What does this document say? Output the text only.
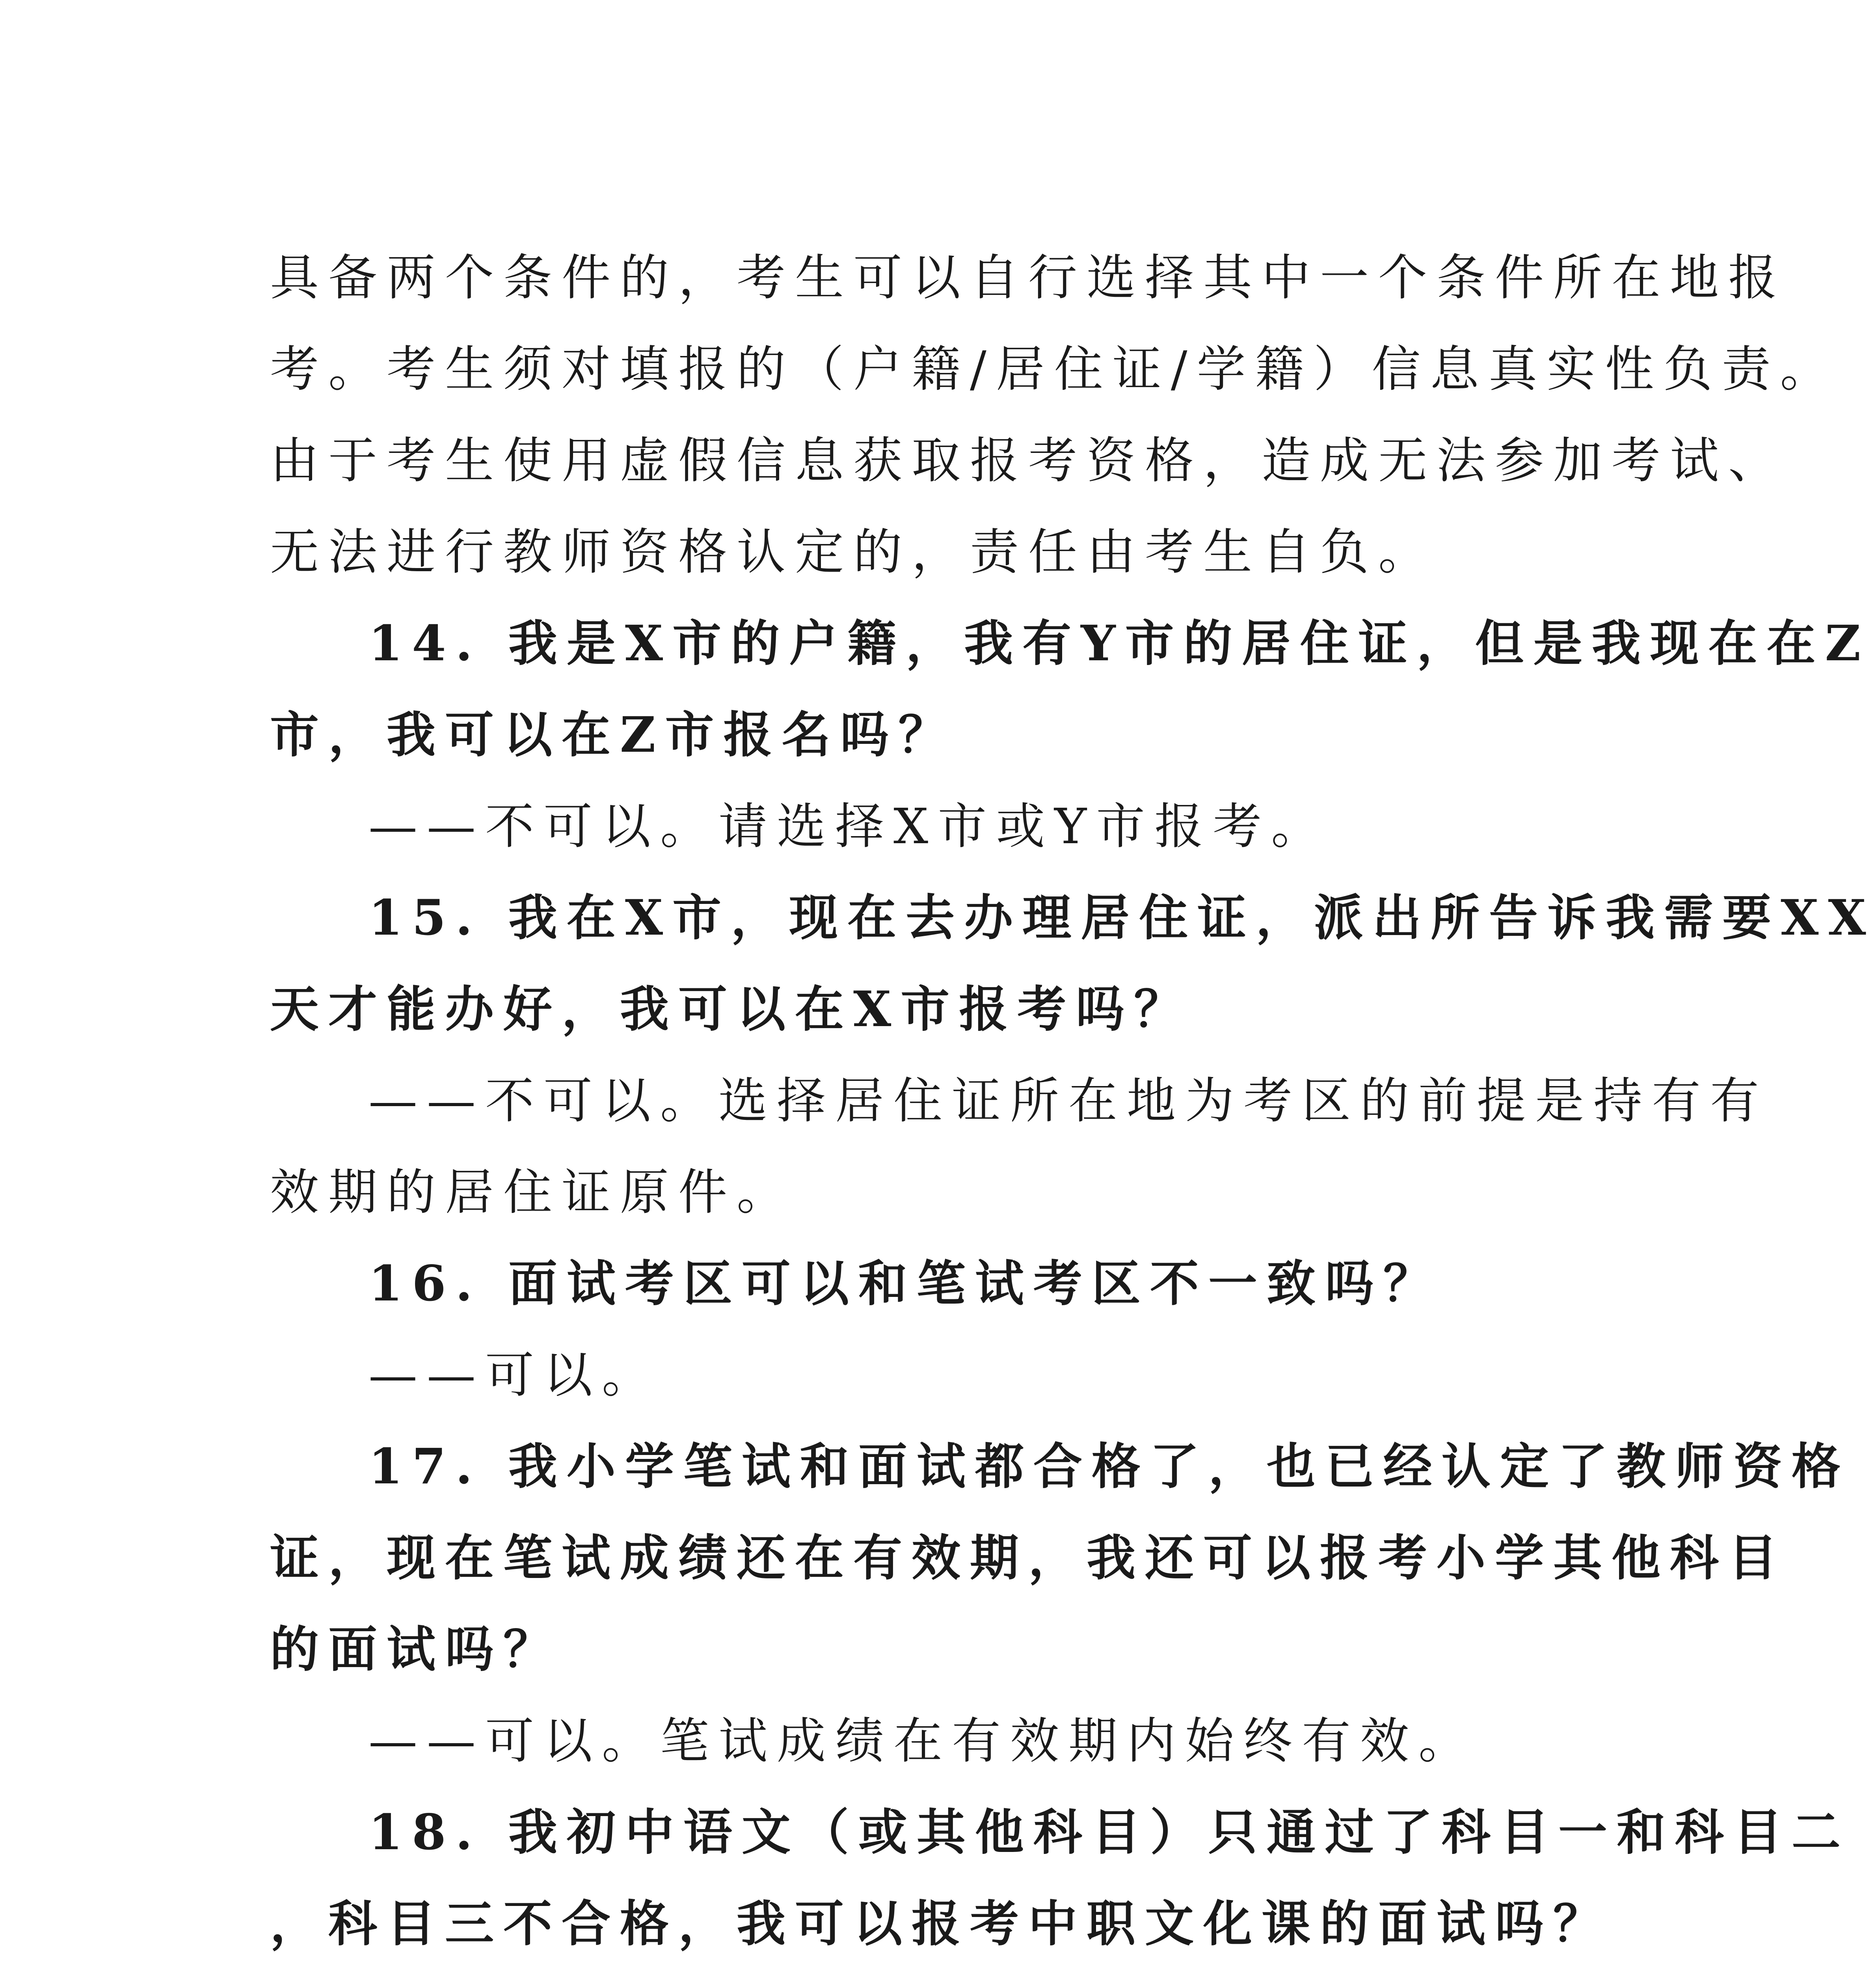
具备两个条件的，考生可以自行选择其中一个条件所在地报
考。考生须对填报的（户籍/居住证/学籍）信息真实性负责。
由于考生使用虚假信息获取报考资格，造成无法参加考试、
无法进行教师资格认定的，责任由考生自负。
14. 我是X市的户籍，我有Y市的居住证，但是我现在在Z
市，我可以在Z市报名吗？
——不可以。请选择X市或Y市报考。
15. 我在X市，现在去办理居住证，派出所告诉我需要XX
天才能办好，我可以在X市报考吗？
——不可以。选择居住证所在地为考区的前提是持有有
效期的居住证原件。
16. 面试考区可以和笔试考区不一致吗？
——可以。
17. 我小学笔试和面试都合格了，也已经认定了教师资格
证，现在笔试成绩还在有效期，我还可以报考小学其他科目
的面试吗？
——可以。笔试成绩在有效期内始终有效。
18. 我初中语文（或其他科目）只通过了科目一和科目二
，科目三不合格，我可以报考中职文化课的面试吗？
